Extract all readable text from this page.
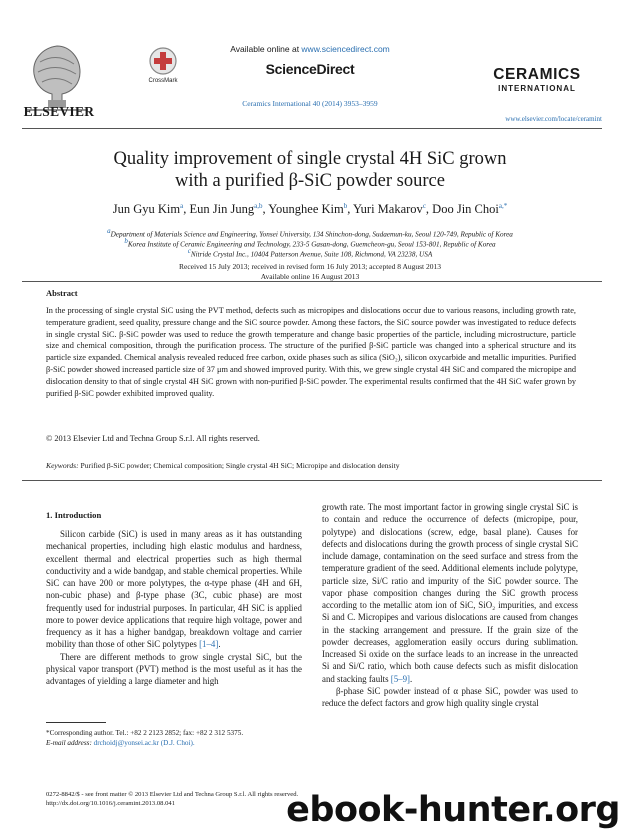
ELSEVIER
CrossMark
Available online at www.sciencedirect.com
ScienceDirect
Ceramics International 40 (2014) 3953–3959
CERAMICS
INTERNATIONAL
www.elsevier.com/locate/ceramint
Quality improvement of single crystal 4H SiC grown
with a purified β-SiC powder source
Jun Gyu Kim$^a$, Eun Jin Jung$^{a,b}$, Younghee Kim$^b$, Yuri Makarov$^c$, Doo Jin Choi$^{a,*}$
$^a$Department of Materials Science and Engineering, Yonsei University, 134 Shinchon-dong, Sudaemun-ku, Seoul 120-749, Republic of Korea
$^b$Korea Institute of Ceramic Engineering and Technology, 233-5 Gasan-dong, Guemcheon-gu, Seoul 153-801, Republic of Korea
$^c$Nitride Crystal Inc., 10404 Patterson Avenue, Suite 108, Richmond, VA 23238, USA
Received 15 July 2013; received in revised form 16 July 2013; accepted 8 August 2013
Available online 16 August 2013
Abstract
In the processing of single crystal SiC using the PVT method, defects such as micropipes and dislocations occur due to various reasons, including growth rate, temperature gradient, seed quality, pressure change and the SiC source powder. Among these factors, the SiC source powder was investigated to reduce defects in single crystal SiC. β-SiC powder was used to reduce the growth temperature and change basic properties of the particle, including microstructure, particle size and chemical composition, through the purification process. The structure of the purified β-SiC particle was changed into a spherical structure and its particle size expanded. Chemical analysis revealed reduced free carbon, oxide phases such as silica (SiO₂), silicon oxycarbide and metallic impurities. Purified β-SiC powder showed increased particle size of 37 μm and showed improved purity. With this, we grew single crystal 4H SiC and compared the micropipe and dislocation density to that of single crystal 4H SiC grown with non-purified β-SiC powder. The experimental results confirmed that the 4H SiC wafer grown by purified β-SiC powder exhibited improved quality.
© 2013 Elsevier Ltd and Techna Group S.r.l. All rights reserved.
Keywords: Purified β-SiC powder; Chemical composition; Single crystal 4H SiC; Micropipe and dislocation density
1. Introduction

Silicon carbide (SiC) is used in many areas as it has outstanding mechanical properties, including high elastic modulus and hardness, excellent thermal and electrical properties such as high thermal conductivity and a wide bandgap, and stable chemical properties. While SiC can have 200 or more polytypes, the α-type phase (4H and 6H, non-cubic phase) and β-type phase (3C, cubic phase) are most frequently used for industrial purposes. In particular, 4H SiC is applied more to power device applications that require high voltage, power and frequency as it has a higher bandgap, breakdown voltage and carrier mobility than those of other SiC polytypes [1–4].

There are different methods to grow single crystal SiC, but the physical vapor transport (PVT) method is the most useful as it has the advantages of yielding a large diameter and high

growth rate. The most important factor in growing single crystal SiC is to contain and reduce the occurrence of defects (micropipe, pour, polytype) and dislocations (screw, edge, basal plane). Causes for defects and dislocations during the growth process of single crystal SiC include damage, contamination on the seed surface and stress from the temperature gradient of the seed. Additional elements include polytype, particle size, Si/C ratio and impurity of the SiC powder source. The vapor phase composition changes during the SiC growth process according to the metallic atom ion of SiC, SiO₂ impurities, and excess Si and C. Micropipes and various dislocations are caused from changes in the stacking arrangement and pressure. If the grain size of the powder decreases, agglomeration easily occurs during sublimation. Increased Si oxide on the surface leads to an increase in the unreacted Si and Si/C ratio, which both cause defects such as misfit dislocation and stacking faults [5–9].

β-phase SiC powder instead of α phase SiC, powder was used to reduce the defect factors and grow high quality single crystal

*Corresponding author. Tel.: +82 2 2123 2852; fax: +82 2 312 5375.
E-mail address: drchoidj@yonsei.ac.kr (D.J. Choi).
0272-8842/$ - see front matter © 2013 Elsevier Ltd and Techna Group S.r.l. All rights reserved.
http://dx.doi.org/10.1016/j.ceramint.2013.08.041	ebook-hunter.org
